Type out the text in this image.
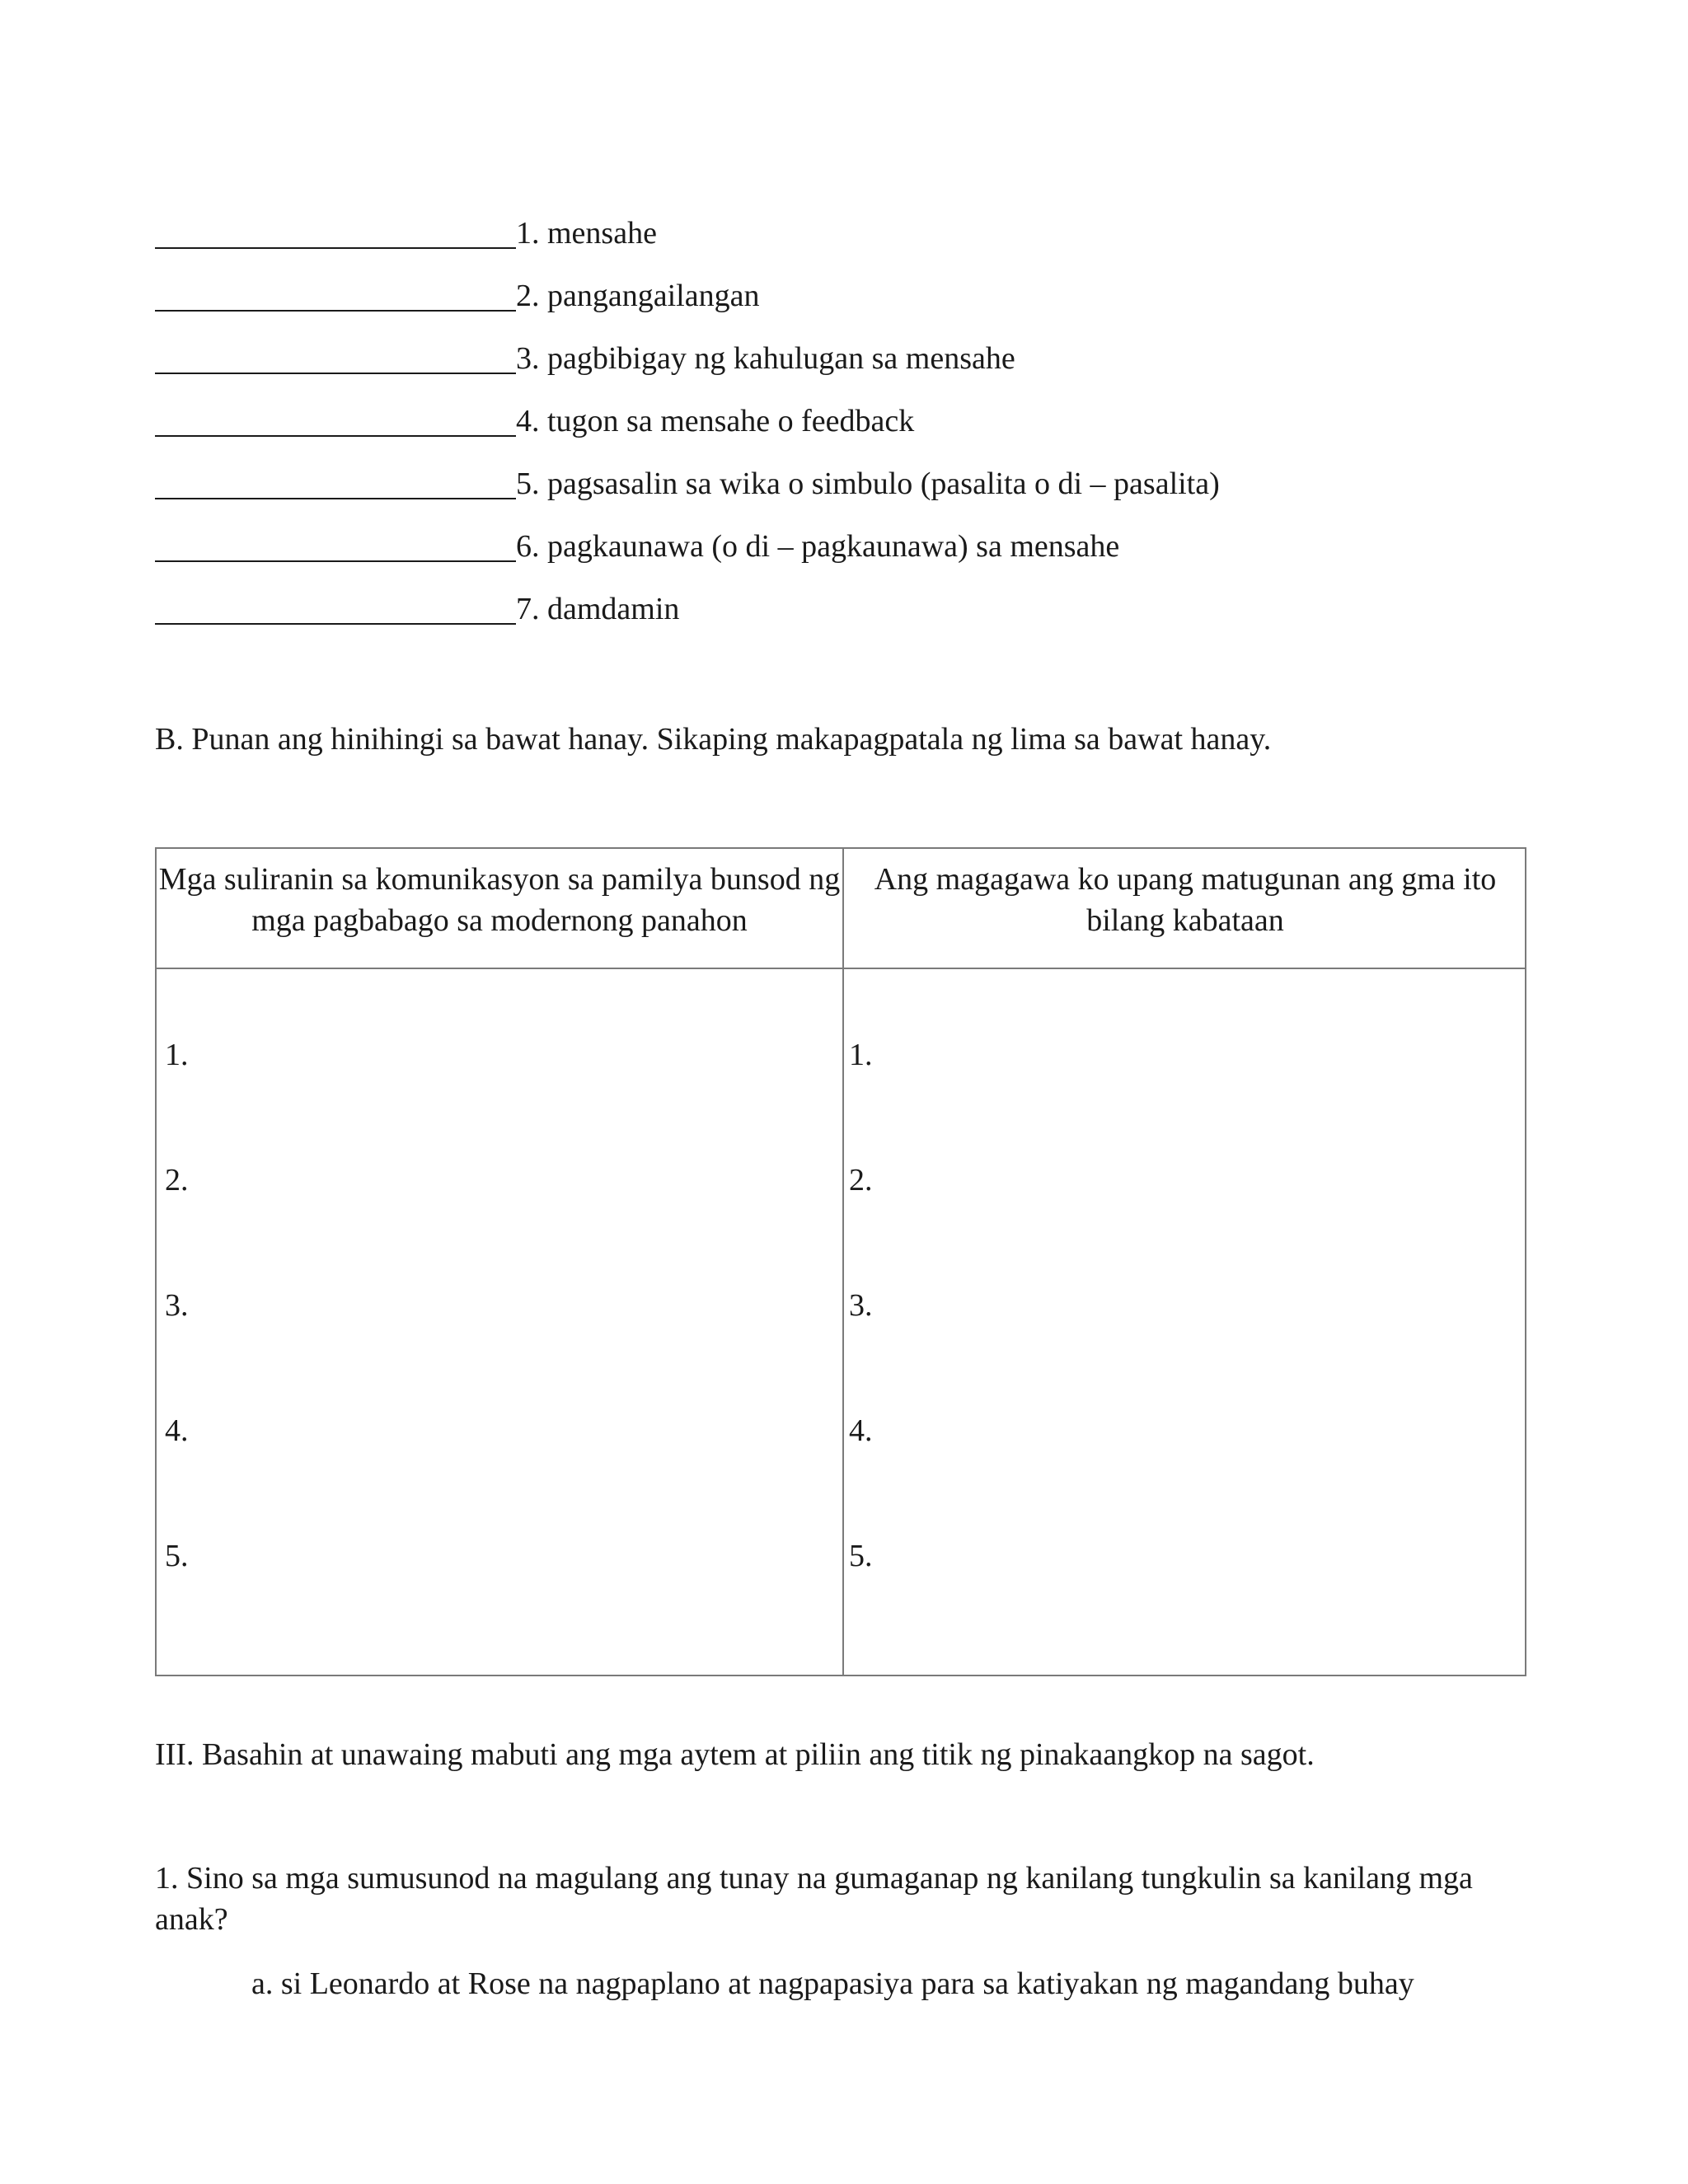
1. mensahe
2. pangangailangan
3. pagbibigay ng kahulugan sa mensahe
4. tugon sa mensahe o feedback
5. pagsasalin sa wika o simbulo (pasalita o di – pasalita)
6. pagkaunawa (o di – pagkaunawa) sa mensahe
7. damdamin
B. Punan ang hinihingi sa bawat hanay. Sikaping makapagpatala ng lima sa bawat hanay.
Mga suliranin sa komunikasyon sa pamilya bunsod ng mga pagbabago sa modernong panahon
Ang magagawa ko upang matugunan ang gma ito bilang kabataan
1.
2.
3.
4.
5.
1.
2.
3.
4.
5.
III. Basahin at unawaing mabuti ang mga aytem at piliin ang titik ng pinakaangkop na sagot.
1. Sino sa mga sumusunod na magulang ang tunay na gumaganap ng kanilang tungkulin sa kanilang mga anak?
a. si Leonardo at Rose na nagpaplano at nagpapasiya para sa katiyakan ng magandang buhay
